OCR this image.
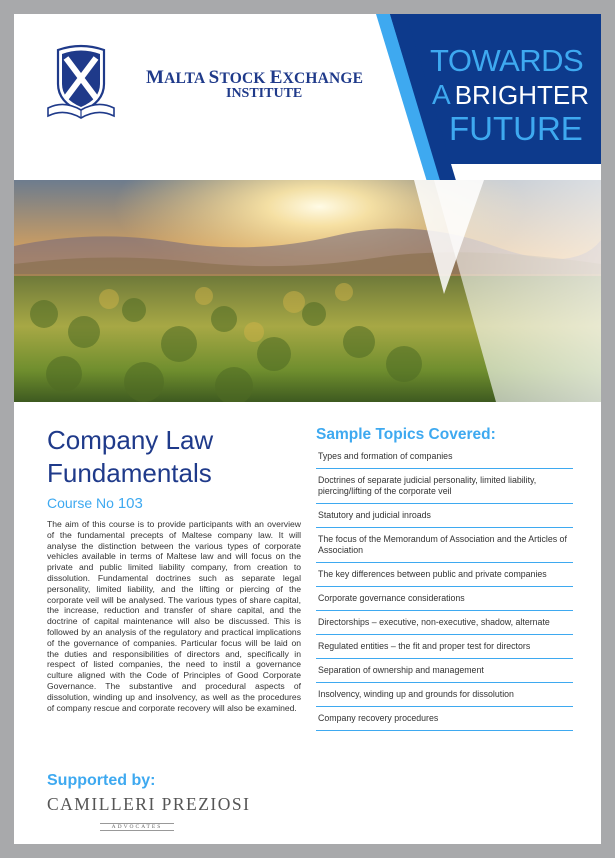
MALTA STOCK EXCHANGE
INSTITUTE
TOWARDS
A BRIGHTER
FUTURE
Company Law Fundamentals
Course No 103

The aim of this course is to provide participants with an overview of the fundamental precepts of Maltese company law. It will analyse the distinction between the various types of corporate vehicles available in terms of Maltese law and will focus on the private and public limited liability company, from creation to dissolution. Fundamental doctrines such as separate legal personality, limited liability, and the lifting or piercing of the corporate veil will be analysed. The various types of share capital, the increase, reduction and transfer of share capital, and the doctrine of capital maintenance will also be discussed. This is followed by an analysis of the regulatory and practical implications of the governance of companies. Particular focus will be laid on the duties and responsibilities of directors and, specifically in respect of listed companies, the need to instil a governance culture aligned with the Code of Principles of Good Corporate Governance. The substantive and procedural aspects of dissolution, winding up and insolvency, as well as the procedures of company rescue and corporate recovery will also be examined.

Supported by:
CAMILLERI PREZIOSI
ADVOCATES
Sample Topics Covered:
Types and formation of companies
Doctrines of separate judicial personality, limited liability, piercing/lifting of the corporate veil
Statutory and judicial inroads
The focus of the Memorandum of Association and the Articles of Association
The key differences between public and private companies
Corporate governance considerations
Directorships – executive, non-executive, shadow, alternate
Regulated entities – the fit and proper test for directors
Separation of ownership and management
Insolvency, winding up and grounds for dissolution
Company recovery procedures
